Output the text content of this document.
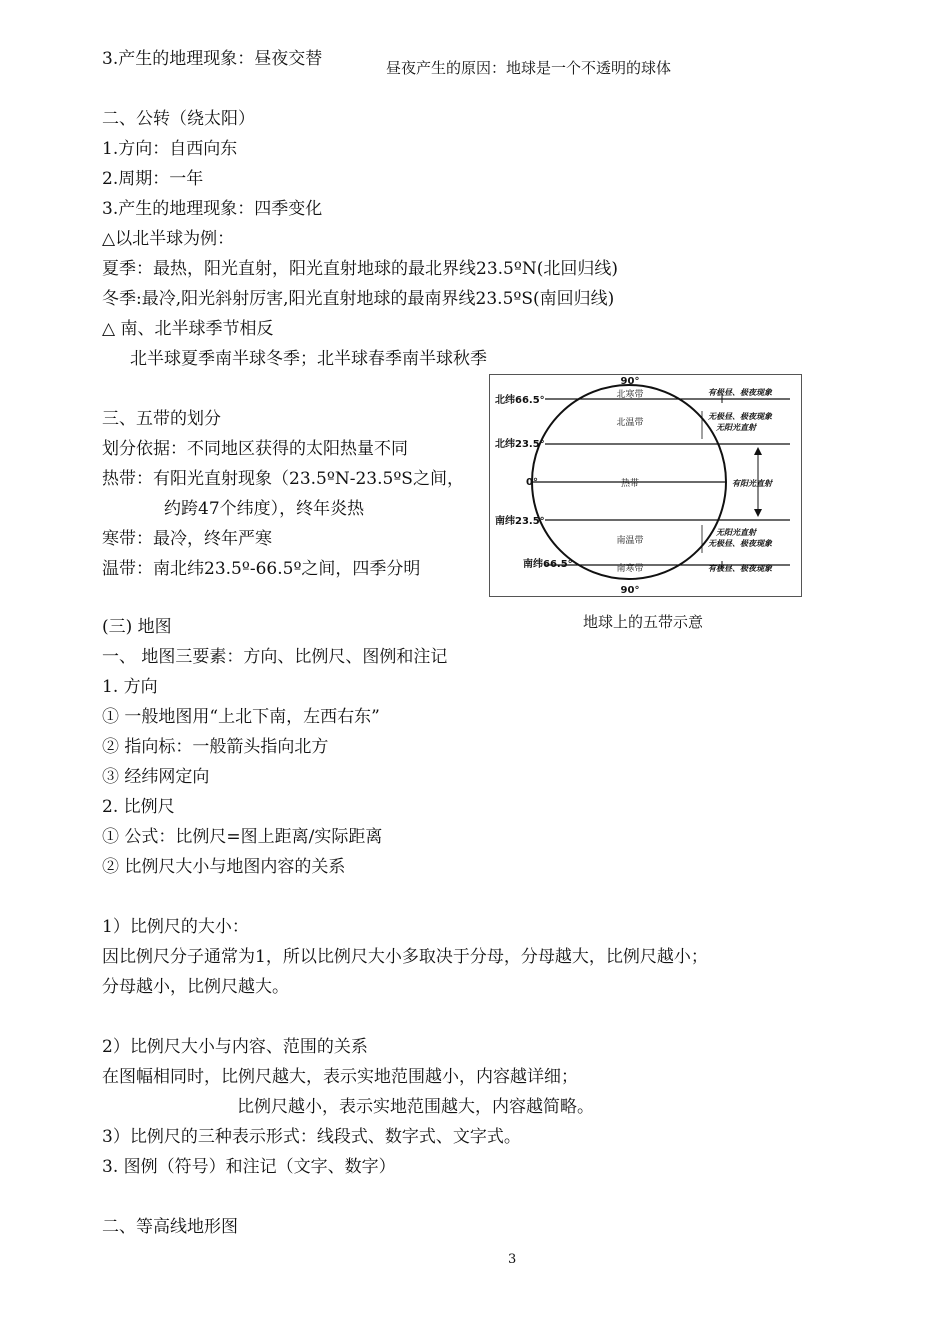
3.产生的地理现象：昼夜交替	昼夜产生的原因：地球是一个不透明的球体
二、公转（绕太阳）
1.方向：自西向东
2.周期：一年
3.产生的地理现象：四季变化
△以北半球为例：
夏季：最热，阳光直射，阳光直射地球的最北界线23.5ºN(北回归线)
冬季:最冷,阳光斜射厉害,阳光直射地球的最南界线23.5ºS(南回归线)
△ 南、北半球季节相反
北半球夏季南半球冬季；北半球春季南半球秋季
三、五带的划分
划分依据：不同地区获得的太阳热量不同
热带：有阳光直射现象（23.5ºN-23.5ºS之间，
约跨47个纬度），终年炎热
寒带：最冷，终年严寒
温带：南北纬23.5º-66.5º之间，四季分明
90°
90°
北纬66.5°
北纬23.5°
0°
南纬23.5°
南纬66.5°
北寒带
北温带
热带
南温带
南寒带
有极昼、极夜现象
无极昼、极夜现象
无阳光直射
有阳光直射
无阳光直射
无极昼、极夜现象
有极昼、极夜现象
地球上的五带示意
(三) 地图
一、 地图三要素：方向、比例尺、图例和注记
1. 方向
① 一般地图用“上北下南，左西右东”
② 指向标：一般箭头指向北方
③ 经纬网定向
2. 比例尺
① 公式：比例尺=图上距离/实际距离
② 比例尺大小与地图内容的关系
1）比例尺的大小：
因比例尺分子通常为1，所以比例尺大小多取决于分母，分母越大，比例尺越小；
分母越小，比例尺越大。
2）比例尺大小与内容、范围的关系
在图幅相同时，比例尺越大，表示实地范围越小，内容越详细；
比例尺越小，表示实地范围越大，内容越简略。
3）比例尺的三种表示形式：线段式、数字式、文字式。
3. 图例（符号）和注记（文字、数字）
二、等高线地形图
3
